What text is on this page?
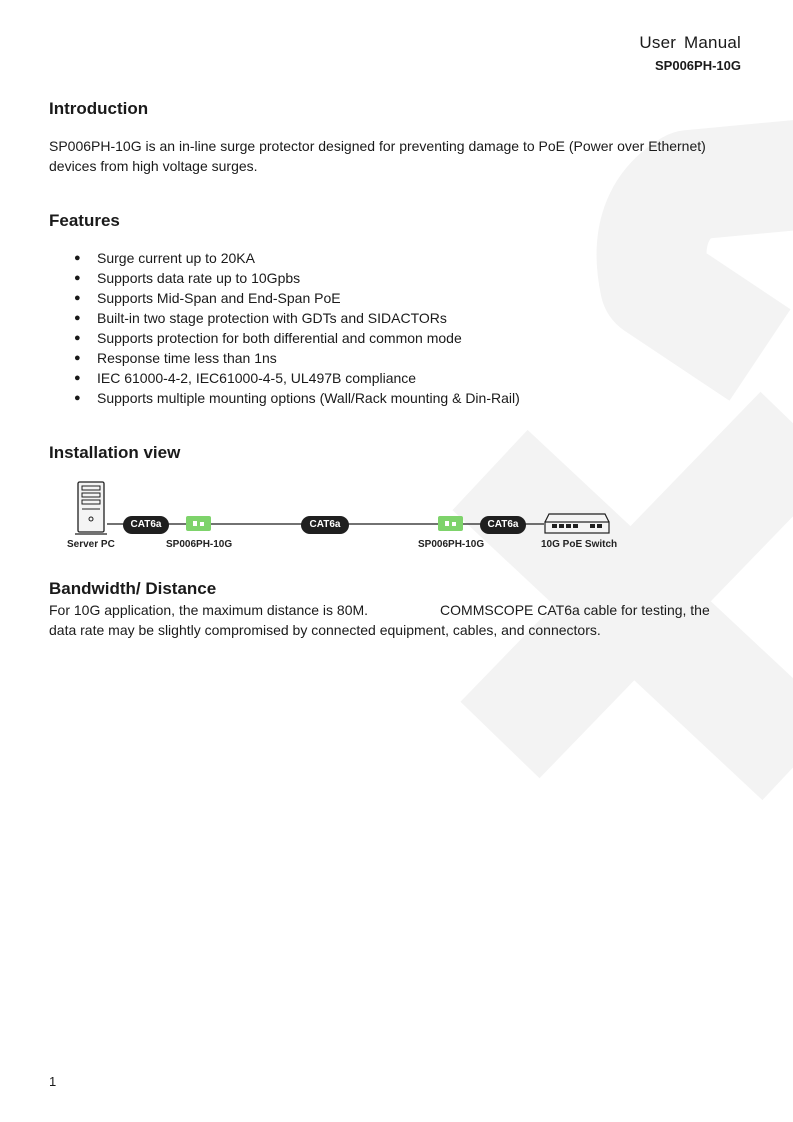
User Manual
SP006PH-10G
Introduction

SP006PH-10G is an in-line surge protector designed for preventing damage to PoE (Power over Ethernet) devices from high voltage surges.

Features
● Surge current up to 20KA
● Supports data rate up to 10Gpbs
● Supports Mid-Span and End-Span PoE
● Built-in two stage protection with GDTs and SIDACTORs
● Supports protection for both differential and common mode
● Response time less than 1ns
● IEC 61000-4-2, IEC61000-4-5, UL497B compliance
● Supports multiple mounting options (Wall/Rack mounting & Din-Rail)
Installation view
CAT6a	CAT6a	CAT6a
Server PC	SP006PH-10G	SP006PH-10G	10G PoE Switch
Bandwidth/ Distance

For 10G application, the maximum distance is 80M.	COMMSCOPE CAT6a cable for testing, the data rate may be slightly compromised by connected equipment, cables, and connectors.

1
